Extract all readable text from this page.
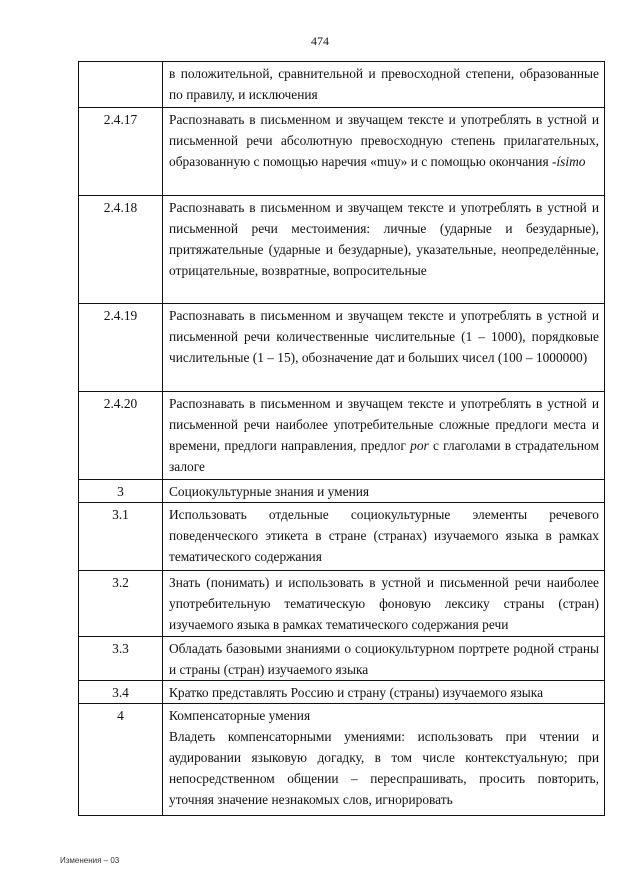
474
	в положительной, сравнительной и превосходной степени, образованные по правилу, и исключения
2.4.17	Распознавать в письменном и звучащем тексте и употреблять в устной и письменной речи абсолютную превосходную степень прилагательных, образованную с помощью наречия «muy» и с помощью окончания -ísimo
2.4.18	Распознавать в письменном и звучащем тексте и употреблять в устной и письменной речи местоимения: личные (ударные и безударные), притяжательные (ударные и безударные), указательные, неопределённые, отрицательные, возвратные, вопросительные
2.4.19	Распознавать в письменном и звучащем тексте и употреблять в устной и письменной речи количественные числительные (1 – 1000), порядковые числительные (1 – 15), обозначение дат и больших чисел (100 – 1000000)
2.4.20	Распознавать в письменном и звучащем тексте и употреблять в устной и письменной речи наиболее употребительные сложные предлоги места и времени, предлоги направления, предлог por с глаголами в страдательном залоге
3	Социокультурные знания и умения
3.1	Использовать отдельные социокультурные элементы речевого поведенческого этикета в стране (странах) изучаемого языка в рамках тематического содержания
3.2	Знать (понимать) и использовать в устной и письменной речи наиболее употребительную тематическую фоновую лексику страны (стран) изучаемого языка в рамках тематического содержания речи
3.3	Обладать базовыми знаниями о социокультурном портрете родной страны и страны (стран) изучаемого языка
3.4	Кратко представлять Россию и страну (страны) изучаемого языка
4	Компенсаторные умения
Владеть компенсаторными умениями: использовать при чтении и аудировании языковую догадку, в том числе контекстуальную; при непосредственном общении – переспрашивать, просить повторить, уточняя значение незнакомых слов, игнорировать
Изменения – 03
